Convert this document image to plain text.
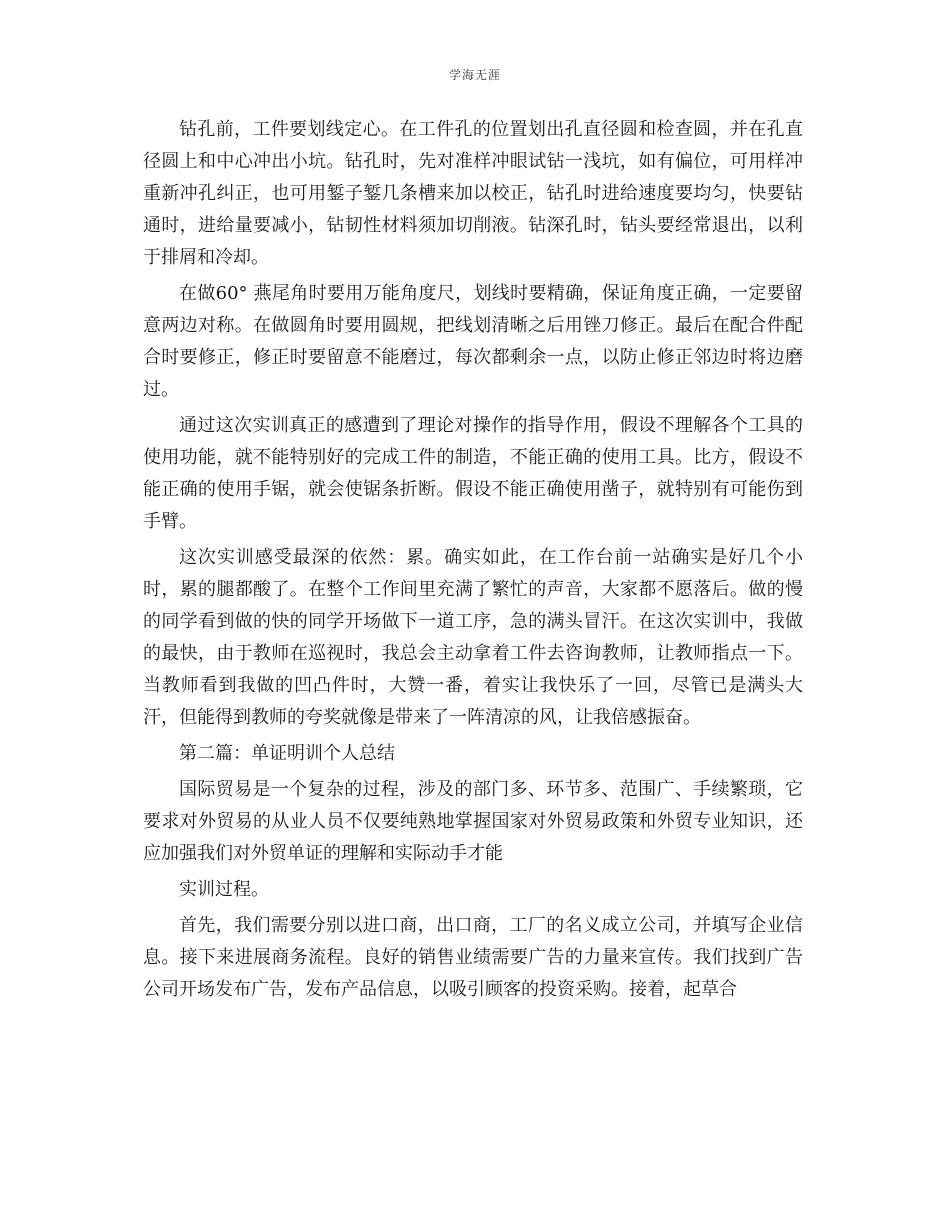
学海无涯

钻孔前，工件要划线定心。在工件孔的位置划出孔直径圆和检查圆，并在孔直径圆上和中心冲出小坑。钻孔时，先对准样冲眼试钻一浅坑，如有偏位，可用样冲重新冲孔纠正，也可用錾子錾几条槽来加以校正，钻孔时进给速度要均匀，快要钻通时，进给量要减小，钻韧性材料须加切削液。钻深孔时，钻头要经常退出，以利于排屑和冷却。

在做60° 燕尾角时要用万能角度尺，划线时要精确，保证角度正确，一定要留意两边对称。在做圆角时要用圆规，把线划清晰之后用锉刀修正。最后在配合件配合时要修正，修正时要留意不能磨过，每次都剩余一点，以防止修正邻边时将边磨过。

通过这次实训真正的感遭到了理论对操作的指导作用，假设不理解各个工具的使用功能，就不能特别好的完成工件的制造，不能正确的使用工具。比方，假设不能正确的使用手锯，就会使锯条折断。假设不能正确使用凿子，就特别有可能伤到手臂。

这次实训感受最深的依然：累。确实如此，在工作台前一站确实是好几个小时，累的腿都酸了。在整个工作间里充满了繁忙的声音，大家都不愿落后。做的慢的同学看到做的快的同学开场做下一道工序，急的满头冒汗。在这次实训中，我做的最快，由于教师在巡视时，我总会主动拿着工件去咨询教师，让教师指点一下。当教师看到我做的凹凸件时，大赞一番，着实让我快乐了一回，尽管已是满头大汗，但能得到教师的夸奖就像是带来了一阵清凉的风，让我倍感振奋。

第二篇：单证明训个人总结

国际贸易是一个复杂的过程，涉及的部门多、环节多、范围广、手续繁琐，它要求对外贸易的从业人员不仅要纯熟地掌握国家对外贸易政策和外贸专业知识，还应加强我们对外贸单证的理解和实际动手才能

实训过程。

首先，我们需要分别以进口商，出口商，工厂的名义成立公司，并填写企业信息。接下来进展商务流程。良好的销售业绩需要广告的力量来宣传。我们找到广告公司开场发布广告，发布产品信息，以吸引顾客的投资采购。接着，起草合
